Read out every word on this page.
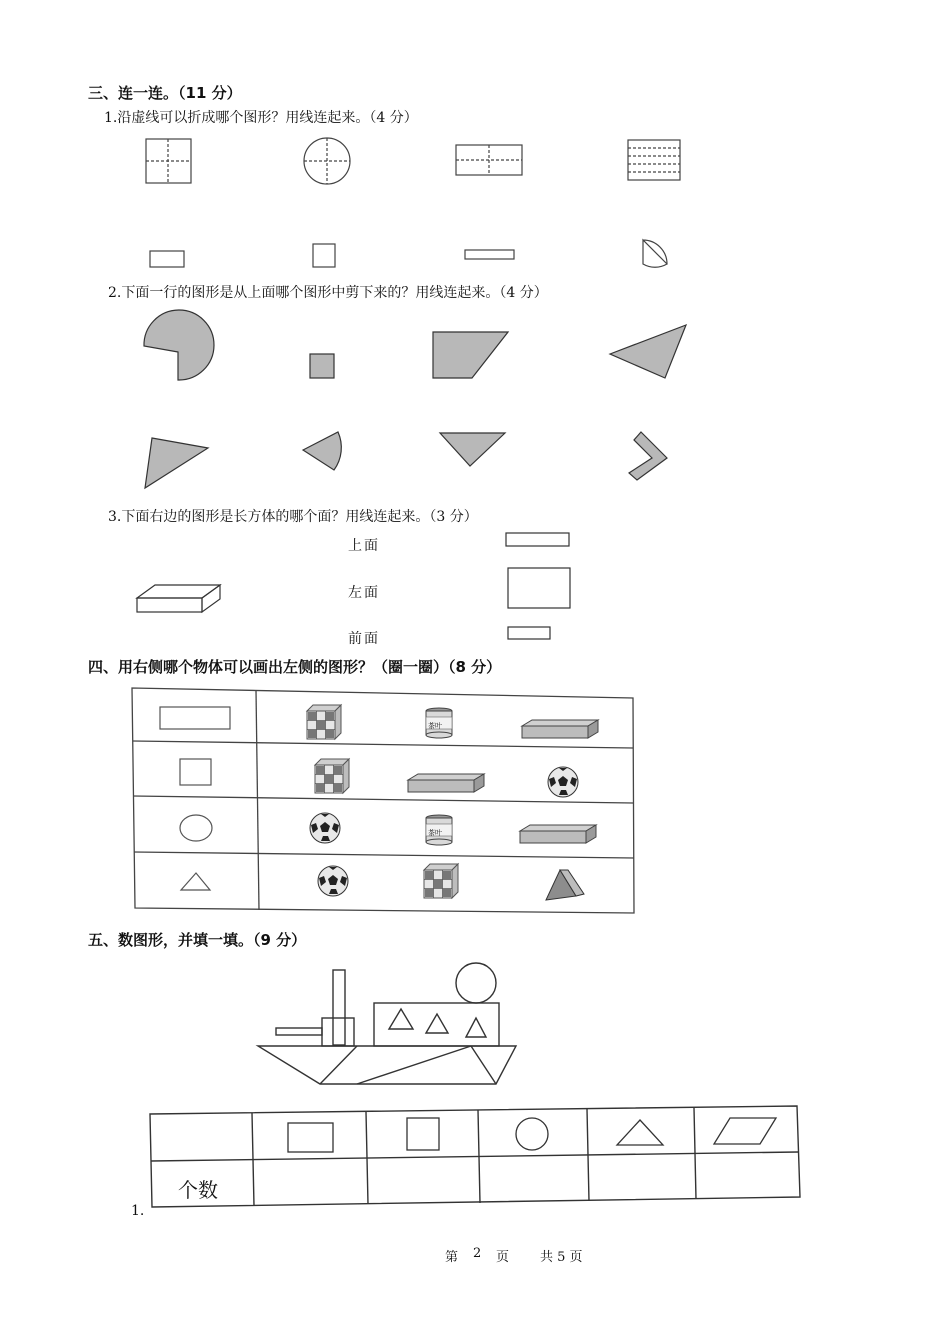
三、连一连。（11 分）
1.沿虚线可以折成哪个图形？用线连起来。（4 分）
2.下面一行的图形是从上面哪个图形中剪下来的？用线连起来。（4 分）
3.下面右边的图形是长方体的哪个面？用线连起来。（3 分）
上面
左面
前面
四、用右侧哪个物体可以画出左侧的图形？（圈一圈）（8 分）
茶叶
茶叶
五、数图形，并填一填。（9 分）
个数
1.
第 2 页 共 5 页
